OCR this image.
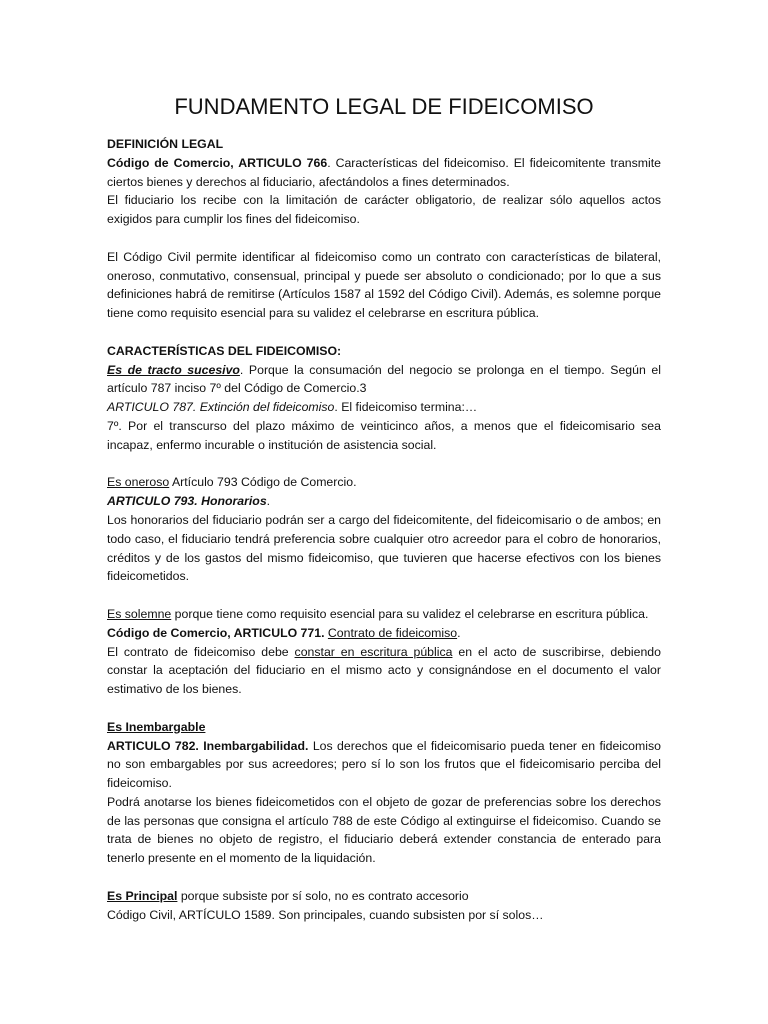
FUNDAMENTO LEGAL DE FIDEICOMISO

DEFINICIÓN LEGAL

Código de Comercio, ARTICULO 766. Características del fideicomiso. El fideicomitente transmite ciertos bienes y derechos al fiduciario, afectándolos a fines determinados.

El fiduciario los recibe con la limitación de carácter obligatorio, de realizar sólo aquellos actos exigidos para cumplir los fines del fideicomiso.

El Código Civil permite identificar al fideicomiso como un contrato con características de bilateral, oneroso, conmutativo, consensual, principal y puede ser absoluto o condicionado; por lo que a sus definiciones habrá de remitirse (Artículos 1587 al 1592 del Código Civil). Además, es solemne porque tiene como requisito esencial para su validez el celebrarse en escritura pública.

CARACTERÍSTICAS DEL FIDEICOMISO:

Es de tracto sucesivo. Porque la consumación del negocio se prolonga en el tiempo. Según el artículo 787 inciso 7º del Código de Comercio.3

ARTICULO 787. Extinción del fideicomiso. El fideicomiso termina:…

7º. Por el transcurso del plazo máximo de veinticinco años, a menos que el fideicomisario sea incapaz, enfermo incurable o institución de asistencia social.

Es oneroso Artículo 793 Código de Comercio.

ARTICULO 793. Honorarios.

Los honorarios del fiduciario podrán ser a cargo del fideicomitente, del fideicomisario o de ambos; en todo caso, el fiduciario tendrá preferencia sobre cualquier otro acreedor para el cobro de honorarios, créditos y de los gastos del mismo fideicomiso, que tuvieren que hacerse efectivos con los bienes fideicometidos.

Es solemne porque tiene como requisito esencial para su validez el celebrarse en escritura pública.

Código de Comercio, ARTICULO 771. Contrato de fideicomiso.

El contrato de fideicomiso debe constar en escritura pública en el acto de suscribirse, debiendo constar la aceptación del fiduciario en el mismo acto y consignándose en el documento el valor estimativo de los bienes.

Es Inembargable

ARTICULO 782. Inembargabilidad. Los derechos que el fideicomisario pueda tener en fideicomiso no son embargables por sus acreedores; pero sí lo son los frutos que el fideicomisario perciba del fideicomiso.

Podrá anotarse los bienes fideicometidos con el objeto de gozar de preferencias sobre los derechos de las personas que consigna el artículo 788 de este Código al extinguirse el fideicomiso. Cuando se trata de bienes no objeto de registro, el fiduciario deberá extender constancia de enterado para tenerlo presente en el momento de la liquidación.

Es Principal porque subsiste por sí solo, no es contrato accesorio

Código Civil, ARTÍCULO 1589. Son principales, cuando subsisten por sí solos…
